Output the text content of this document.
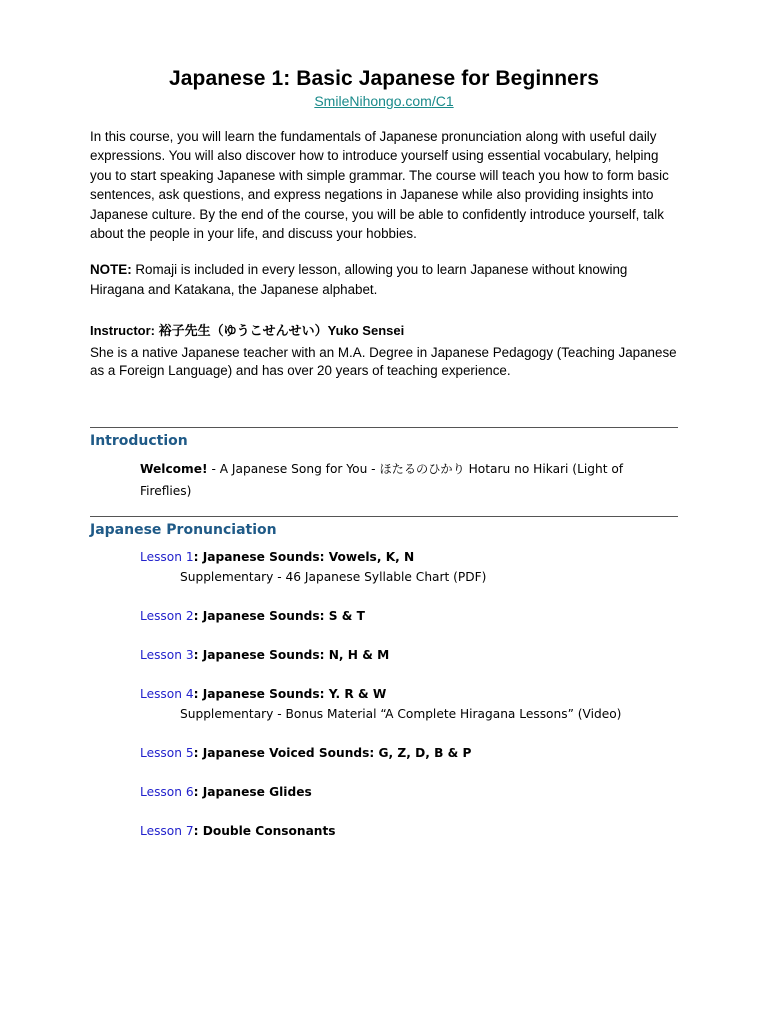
Japanese 1: Basic Japanese for Beginners
SmileNihongo.com/C1

In this course, you will learn the fundamentals of Japanese pronunciation along with useful daily expressions. You will also discover how to introduce yourself using essential vocabulary, helping you to start speaking Japanese with simple grammar. The course will teach you how to form basic sentences, ask questions, and express negations in Japanese while also providing insights into Japanese culture. By the end of the course, you will be able to confidently introduce yourself, talk about the people in your life, and discuss your hobbies.

NOTE: Romaji is included in every lesson, allowing you to learn Japanese without knowing Hiragana and Katakana, the Japanese alphabet.

Instructor: 裕子先生（ゆうこせんせい）Yuko Sensei

She is a native Japanese teacher with an M.A. Degree in Japanese Pedagogy (Teaching Japanese as a Foreign Language) and has over 20 years of teaching experience.

Introduction
Welcome! - A Japanese Song for You - ほたるのひかり Hotaru no Hikari (Light of Fireflies)
Japanese Pronunciation
Lesson 1: Japanese Sounds: Vowels, K, N
Supplementary - 46 Japanese Syllable Chart (PDF)
Lesson 2: Japanese Sounds: S & T
Lesson 3: Japanese Sounds: N, H & M
Lesson 4: Japanese Sounds: Y. R & W
Supplementary - Bonus Material “A Complete Hiragana Lessons” (Video)
Lesson 5: Japanese Voiced Sounds: G, Z, D, B & P
Lesson 6: Japanese Glides
Lesson 7: Double Consonants
